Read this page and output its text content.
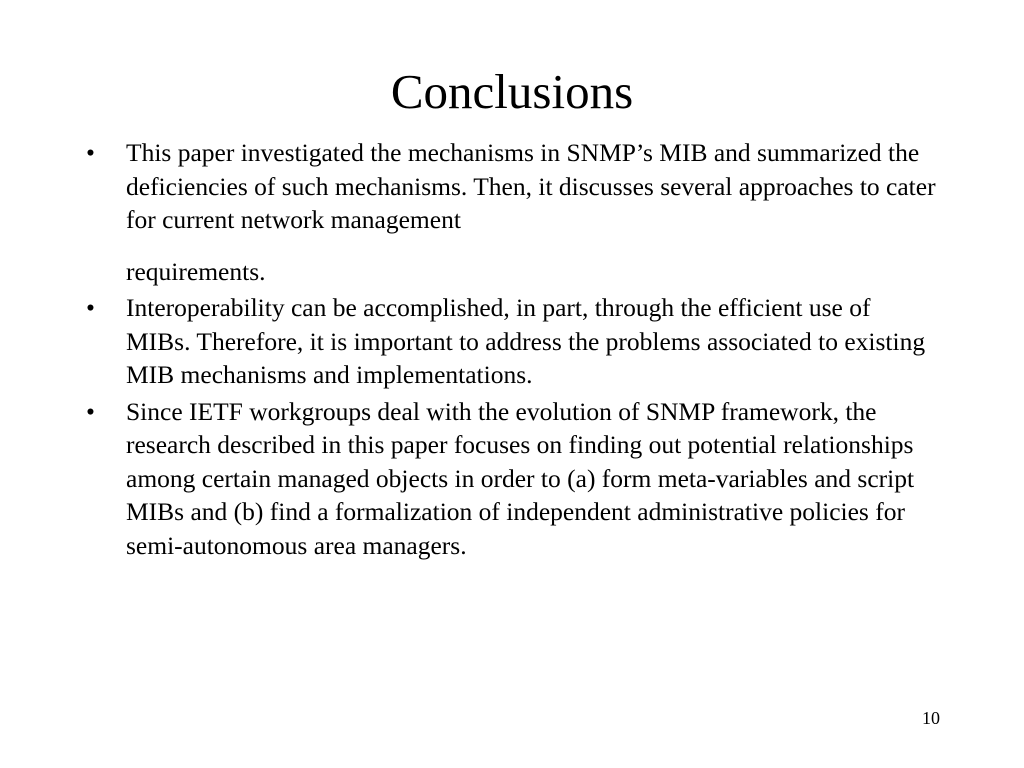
Conclusions
• This paper investigated the mechanisms in SNMP’s MIB and summarized the deficiencies of such mechanisms. Then, it discusses several approaches to cater for current network management
requirements.
• Interoperability can be accomplished, in part, through the efficient use of MIBs. Therefore, it is important to address the problems associated to existing MIB mechanisms and implementations.
• Since IETF workgroups deal with the evolution of SNMP framework, the research described in this paper focuses on finding out potential relationships among certain managed objects in order to (a) form meta-variables and script MIBs and (b) find a formalization of independent administrative policies for semi-autonomous area managers.
10
